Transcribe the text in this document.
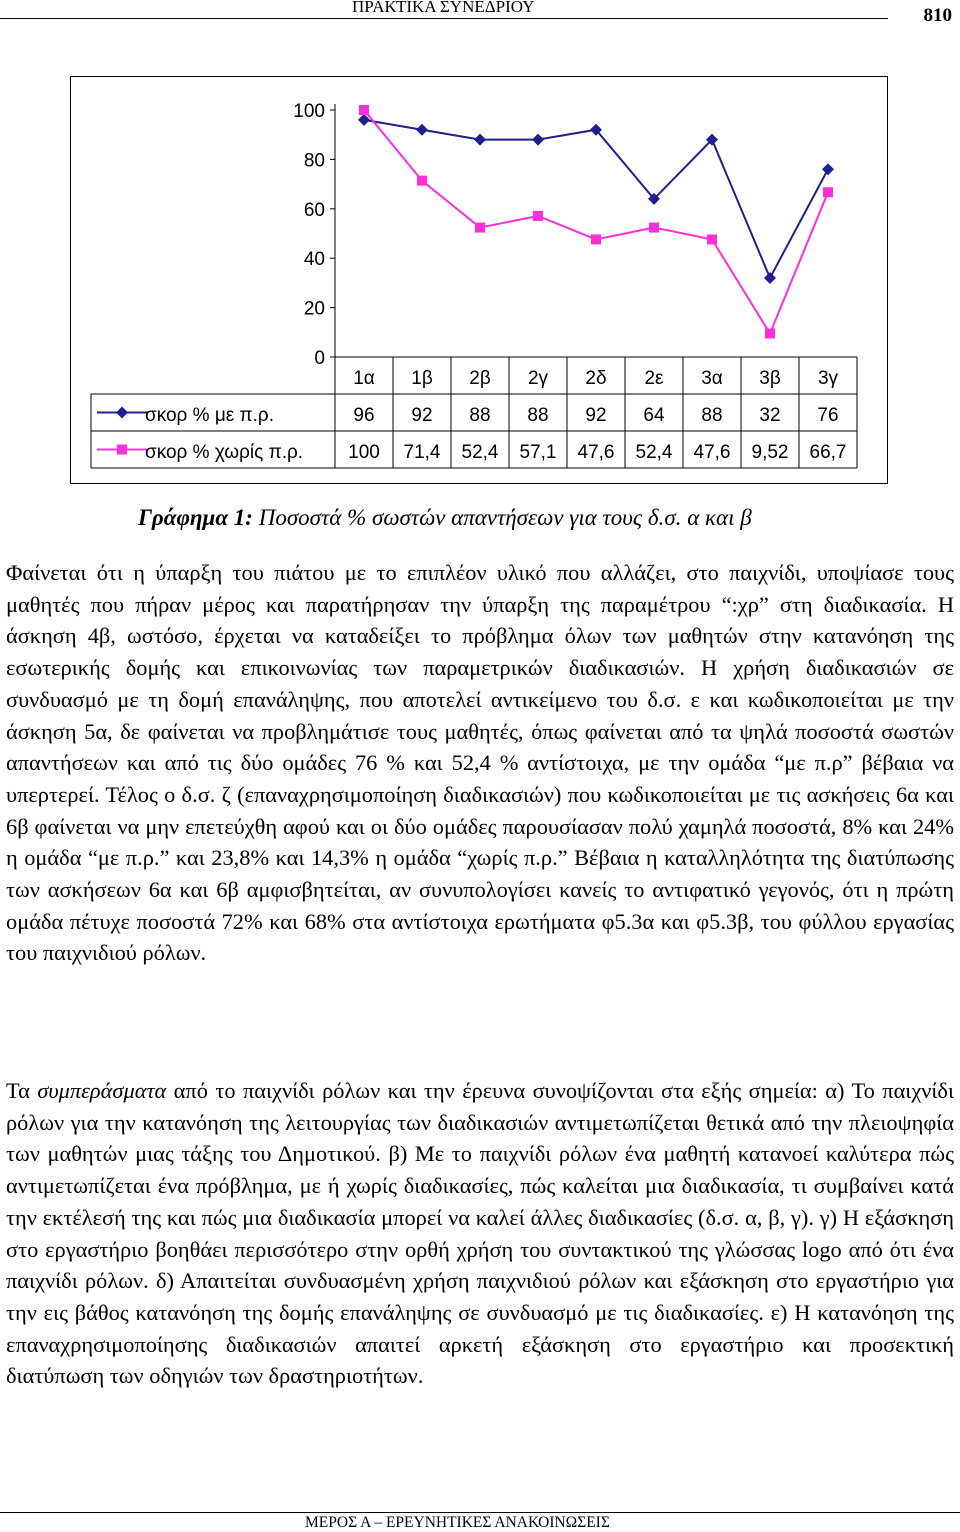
ΠΡΑΚΤΙΚΑ ΣΥΝΕΔΡΙΟΥ	810
0
20
40
60
80
100
1α 1β 2β 2γ 2δ 2ε 3α 3β 3γ
96 92 88 88 92 64 88 32 76
σκορ % με π.ρ.
100 71,4 52,4 57,1 47,6 52,4 47,6 9,52 66,7
σκορ % χωρίς π.ρ.
Γράφημα 1: Ποσοστά % σωστών απαντήσεων για τους δ.σ. α και β

Φαίνεται ότι η ύπαρξη του πιάτου με το επιπλέον υλικό που αλλάζει, στο παιχνίδι, υποψίασε τους μαθητές που πήραν μέρος και παρατήρησαν την ύπαρξη της παραμέτρου “:χρ” στη διαδικασία. Η άσκηση 4β, ωστόσο, έρχεται να καταδείξει το πρόβλημα όλων των μαθητών στην κατανόηση της εσωτερικής δομής και επικοινωνίας των παραμετρικών διαδικασιών. Η χρήση διαδικασιών σε συνδυασμό με τη δομή επανάληψης, που αποτελεί αντικείμενο του δ.σ. ε και κωδικοποιείται με την άσκηση 5α, δε φαίνεται να προβλημάτισε τους μαθητές, όπως φαίνεται από τα ψηλά ποσοστά σωστών απαντήσεων και από τις δύο ομάδες 76 % και 52,4 % αντίστοιχα, με την ομάδα “με π.ρ” βέβαια να υπερτερεί. Τέλος ο δ.σ. ζ (επαναχρησιμοποίηση διαδικασιών) που κωδικοποιείται με τις ασκήσεις 6α και 6β φαίνεται να μην επετεύχθη αφού και οι δύο ομάδες παρουσίασαν πολύ χαμηλά ποσοστά, 8% και 24% η ομάδα “με π.ρ.” και 23,8% και 14,3% η ομάδα “χωρίς π.ρ.” Βέβαια η καταλληλότητα της διατύπωσης των ασκήσεων 6α και 6β αμφισβητείται, αν συνυπολογίσει κανείς το αντιφατικό γεγονός, ότι η πρώτη ομάδα πέτυχε ποσοστά 72% και 68% στα αντίστοιχα ερωτήματα φ5.3α και φ5.3β, του φύλλου εργασίας του παιχνιδιού ρόλων.

Τα συμπεράσματα από το παιχνίδι ρόλων και την έρευνα συνοψίζονται στα εξής σημεία: α) Το παιχνίδι ρόλων για την κατανόηση της λειτουργίας των διαδικασιών αντιμετωπίζεται θετικά από την πλειοψηφία των μαθητών μιας τάξης του Δημοτικού. β) Με το παιχνίδι ρόλων ένα μαθητή κατανοεί καλύτερα πώς αντιμετωπίζεται ένα πρόβλημα, με ή χωρίς διαδικασίες, πώς καλείται μια διαδικασία, τι συμβαίνει κατά την εκτέλεσή της και πώς μια διαδικασία μπορεί να καλεί άλλες διαδικασίες (δ.σ. α, β, γ). γ) Η εξάσκηση στο εργαστήριο βοηθάει περισσότερο στην ορθή χρήση του συντακτικού της γλώσσας logo από ότι ένα παιχνίδι ρόλων. δ) Απαιτείται συνδυασμένη χρήση παιχνιδιού ρόλων και εξάσκηση στο εργαστήριο για την εις βάθος κατανόηση της δομής επανάληψης σε συνδυασμό με τις διαδικασίες. ε) Η κατανόηση της επαναχρησιμοποίησης διαδικασιών απαιτεί αρκετή εξάσκηση στο εργαστήριο και προσεκτική διατύπωση των οδηγιών των δραστηριοτήτων.

ΜΕΡΟΣ Α – ΕΡΕΥΝΗΤΙΚΕΣ ΑΝΑΚΟΙΝΩΣΕΙΣ
